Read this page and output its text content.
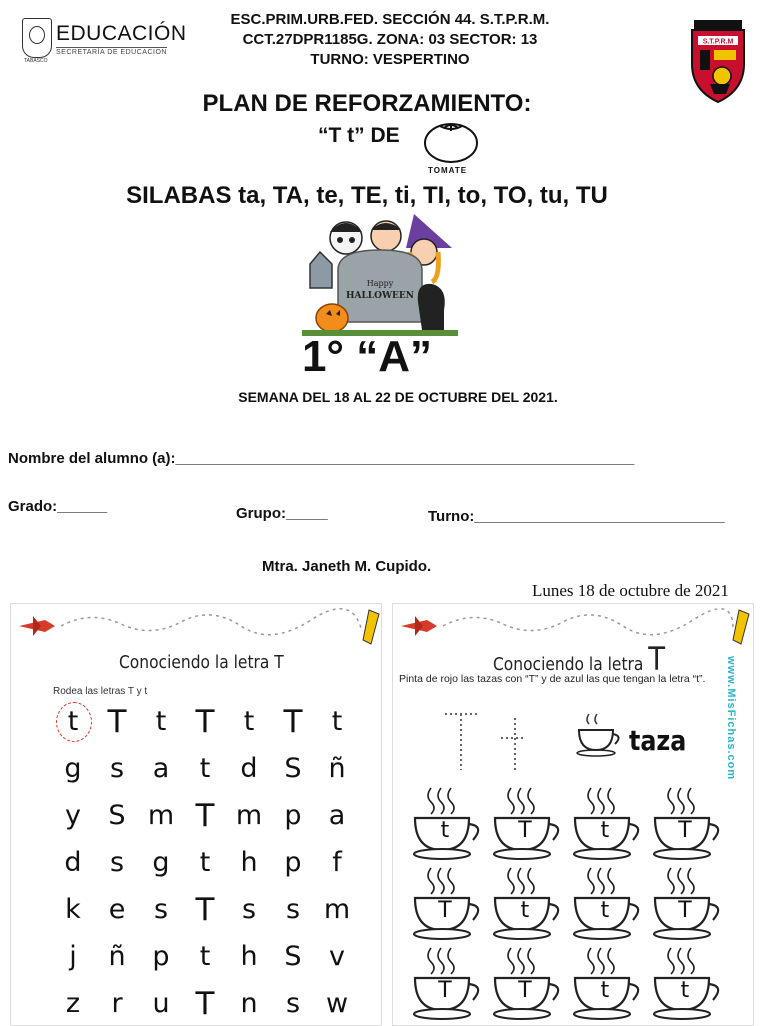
EDUCACIÓN
SECRETARÍA DE EDUCACIÓN
TABASCO
ESC.PRIM.URB.FED. SECCIÓN 44. S.T.P.R.M.
CCT.27DPR1185G. ZONA: 03 SECTOR: 13
TURNO: VESPERTINO
S.T.P.R.M
PLAN DE REFORZAMIENTO:
“T t” DE
TOMATE
SILABAS ta, TA, te, TE, ti, TI, to, TO, tu, TU
Happy
HALLOWEEN
1° “A”
SEMANA DEL 18 AL 22 DE OCTUBRE DEL 2021.
Nombre del alumno (a):_______________________________________________________
Grado:______	Grupo:_____	Turno:______________________________
Mtra. Janeth M. Cupido.
Lunes 18 de octubre de 2021
Conociendo la letra T
Rodea las letras T y t
t T	t T	t T	t
g	s	a	t	d S ñ
y	S m T m p	a
d	s	g	t	h p	f
k	e	s T	s	s m
j	ñ p	t	h S	v
z	r	u T n	s w
Conociendo la letra T
Pinta de rojo las tazas con “T” y de azul las que tengan la letra “t”.	www.MisFichas.com
taza
t	T	t	T
T	t	t	T
T	T	t	t
